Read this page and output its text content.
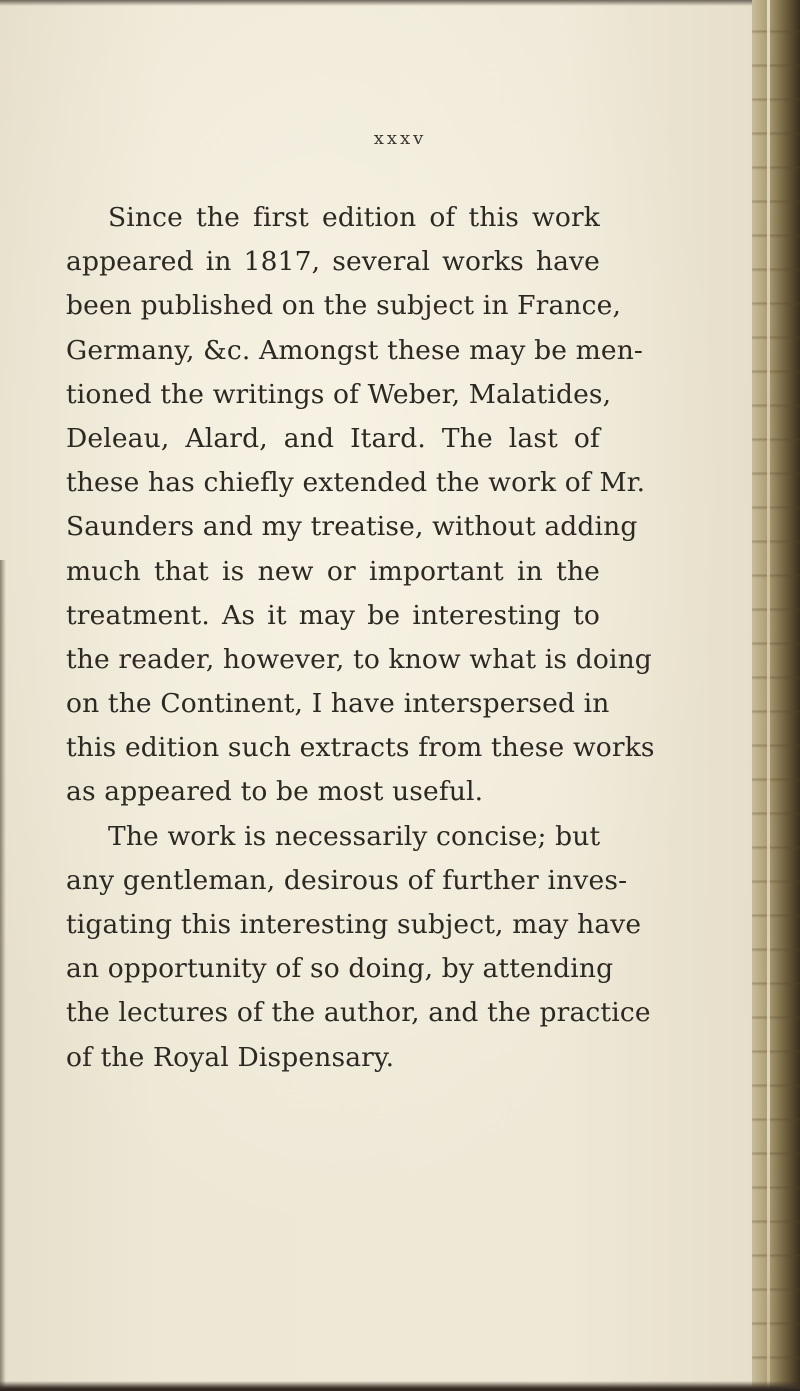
xxxv
Since the first edition of this work
appeared in 1817, several works have
been published on the subject in France,
Germany, &c. Amongst these may be men-
tioned the writings of Weber, Malatides,
Deleau, Alard, and Itard. The last of
these has chiefly extended the work of Mr.
Saunders and my treatise, without adding
much that is new or important in the
treatment. As it may be interesting to
the reader, however, to know what is doing
on the Continent, I have interspersed in
this edition such extracts from these works
as appeared to be most useful.
The work is necessarily concise; but
any gentleman, desirous of further inves-
tigating this interesting subject, may have
an opportunity of so doing, by attending
the lectures of the author, and the practice
of the Royal Dispensary.
